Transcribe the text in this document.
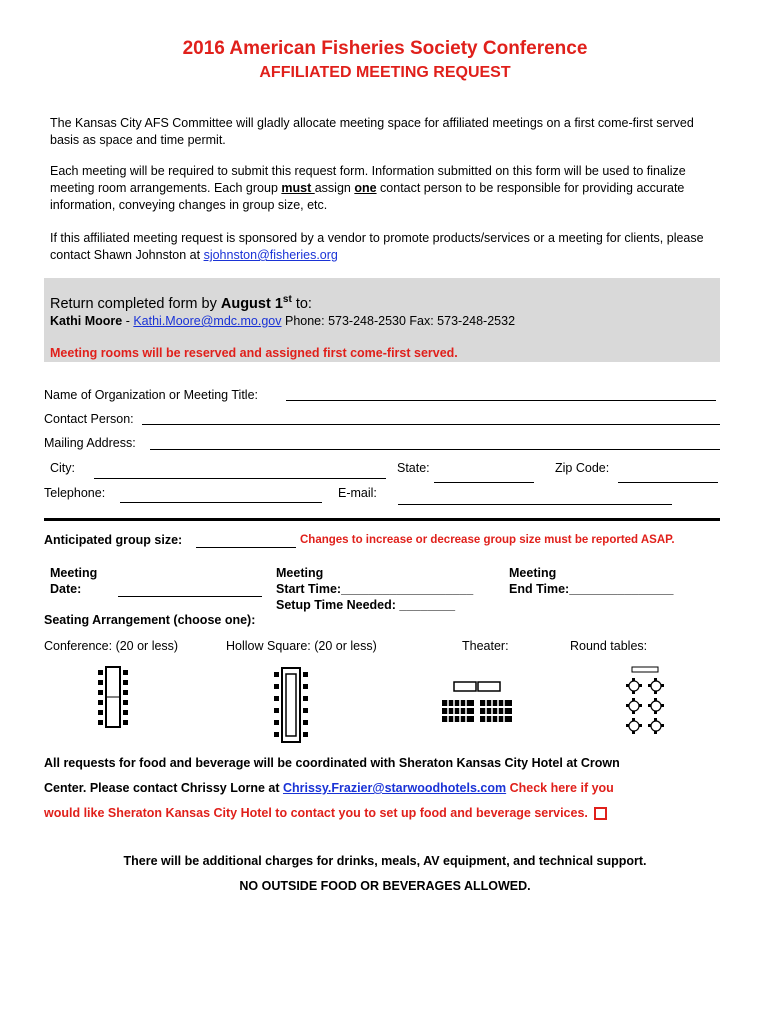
2016 American Fisheries Society Conference
AFFILIATED MEETING REQUEST
The Kansas City AFS Committee will gladly allocate meeting space for affiliated meetings on a first come-first served basis as space and time permit.
Each meeting will be required to submit this request form. Information submitted on this form will be used to finalize meeting room arrangements. Each group must assign one contact person to be responsible for providing accurate information, conveying changes in group size, etc.
If this affiliated meeting request is sponsored by a vendor to promote products/services or a meeting for clients, please contact Shawn Johnston at sjohnston@fisheries.org
Return completed form by August 1st to:
Kathi Moore - Kathi.Moore@mdc.mo.gov Phone: 573-248-2530 Fax: 573-248-2532
Meeting rooms will be reserved and assigned first come-first served.
Name of Organization or Meeting Title:
Contact Person:
Mailing Address:
City:	State:	Zip Code:
Telephone:	E-mail:
Anticipated group size:	Changes to increase or decrease group size must be reported ASAP.
Meeting
Date:
Meeting
Start Time:___________________
Setup Time Needed: ________
Meeting
End Time:_______________
Seating Arrangement (choose one):
Conference: (20 or less)	Hollow Square: (20 or less)	Theater:	Round tables:
All requests for food and beverage will be coordinated with Sheraton Kansas City Hotel at Crown
Center. Please contact Chrissy Lorne at Chrissy.Frazier@starwoodhotels.com Check here if you
would like Sheraton Kansas City Hotel to contact you to set up food and beverage services.
There will be additional charges for drinks, meals, AV equipment, and technical support.
NO OUTSIDE FOOD OR BEVERAGES ALLOWED.
